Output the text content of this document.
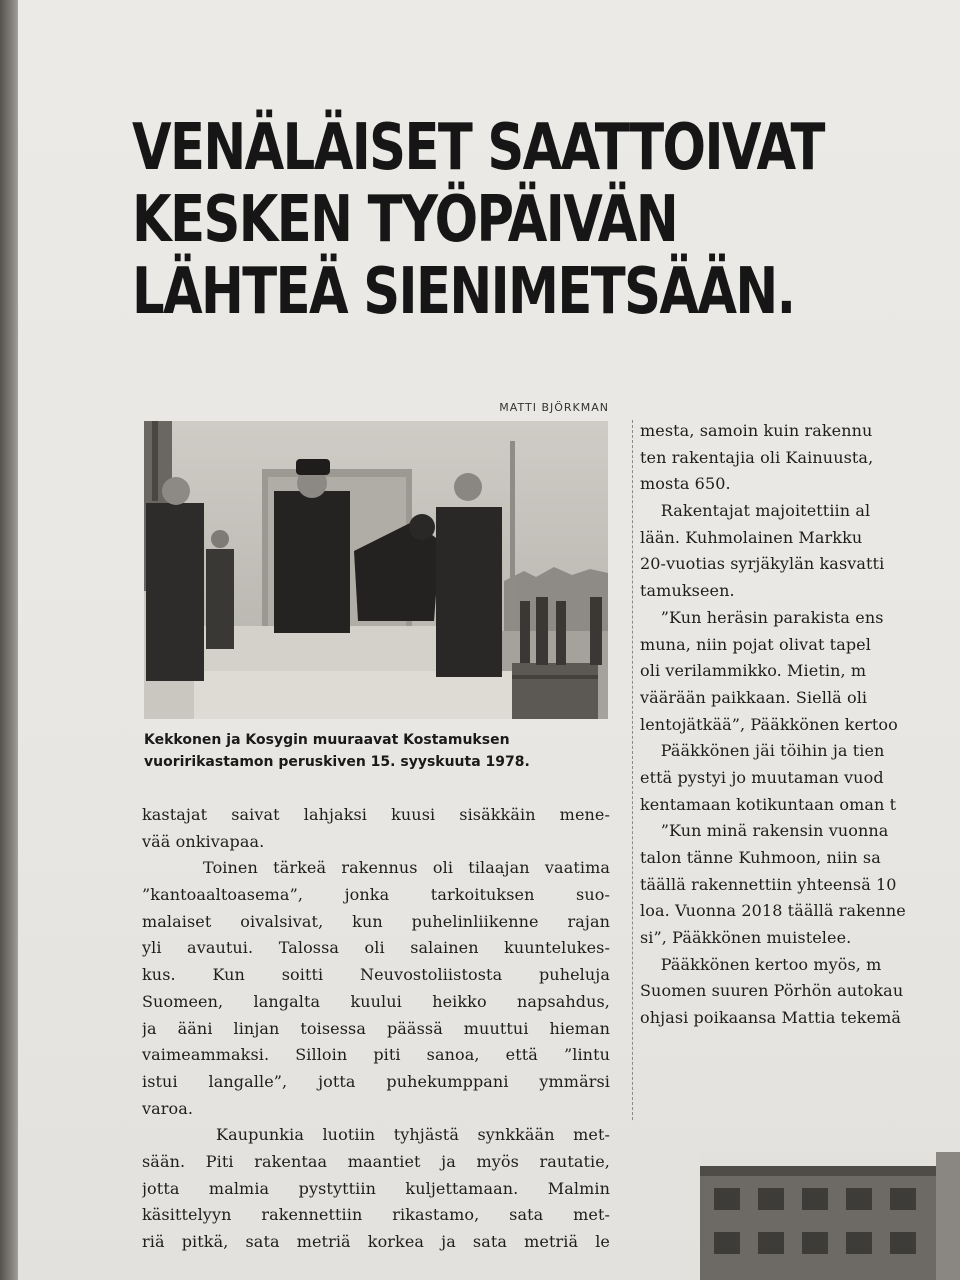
VENÄLÄISET SAATTOIVAT
KESKEN TYÖPÄIVÄN
LÄHTEÄ SIENIMETSÄÄN.
MATTI BJÖRKMAN
Kekkonen ja Kosygin muuraavat Kostamuksen
vuoririkastamon peruskiven 15. syyskuuta 1978.
kastajat saivat lahjaksi kuusi sisäkkäin mene-
vää onkivapaa.
Toinen tärkeä rakennus oli tilaajan vaatima
”kantoaaltoasema”, jonka tarkoituksen suo-
malaiset oivalsivat, kun puhelinliikenne rajan
yli avautui. Talossa oli salainen kuuntelukes-
kus. Kun soitti Neuvostoliistosta puheluja
Suomeen, langalta kuului heikko napsahdus,
ja ääni linjan toisessa päässä muuttui hieman
vaimeammaksi. Silloin piti sanoa, että ”lintu
istui langalle”, jotta puhekumppani ymmärsi
varoa.
Kaupunkia luotiin tyhjästä synkkään met-
sään. Piti rakentaa maantiet ja myös rautatie,
jotta malmia pystyttiin kuljettamaan. Malmin
käsittelyyn rakennettiin rikastamo, sata met-
riä pitkä, sata metriä korkea ja sata metriä le
mesta, samoin kuin rakennu
ten rakentajia oli Kainuusta,
mosta 650.
Rakentajat majoitettiin al
lään. Kuhmolainen Markku
20-vuotias syrjäkylän kasvatti
tamukseen.
”Kun heräsin parakista ens
muna, niin pojat olivat tapel
oli verilammikko. Mietin, m
väärään paikkaan. Siellä oli
lentojätkää”, Pääkkönen kertoo
Pääkkönen jäi töihin ja tien
että pystyi jo muutaman vuod
kentamaan kotikuntaan oman t
”Kun minä rakensin vuonna
talon tänne Kuhmoon, niin sa
täällä rakennettiin yhteensä 10
loa. Vuonna 2018 täällä rakenne
si”, Pääkkönen muistelee.
Pääkkönen kertoo myös, m
Suomen suuren Pörhön autokau
ohjasi poikaansa Mattia tekemä
